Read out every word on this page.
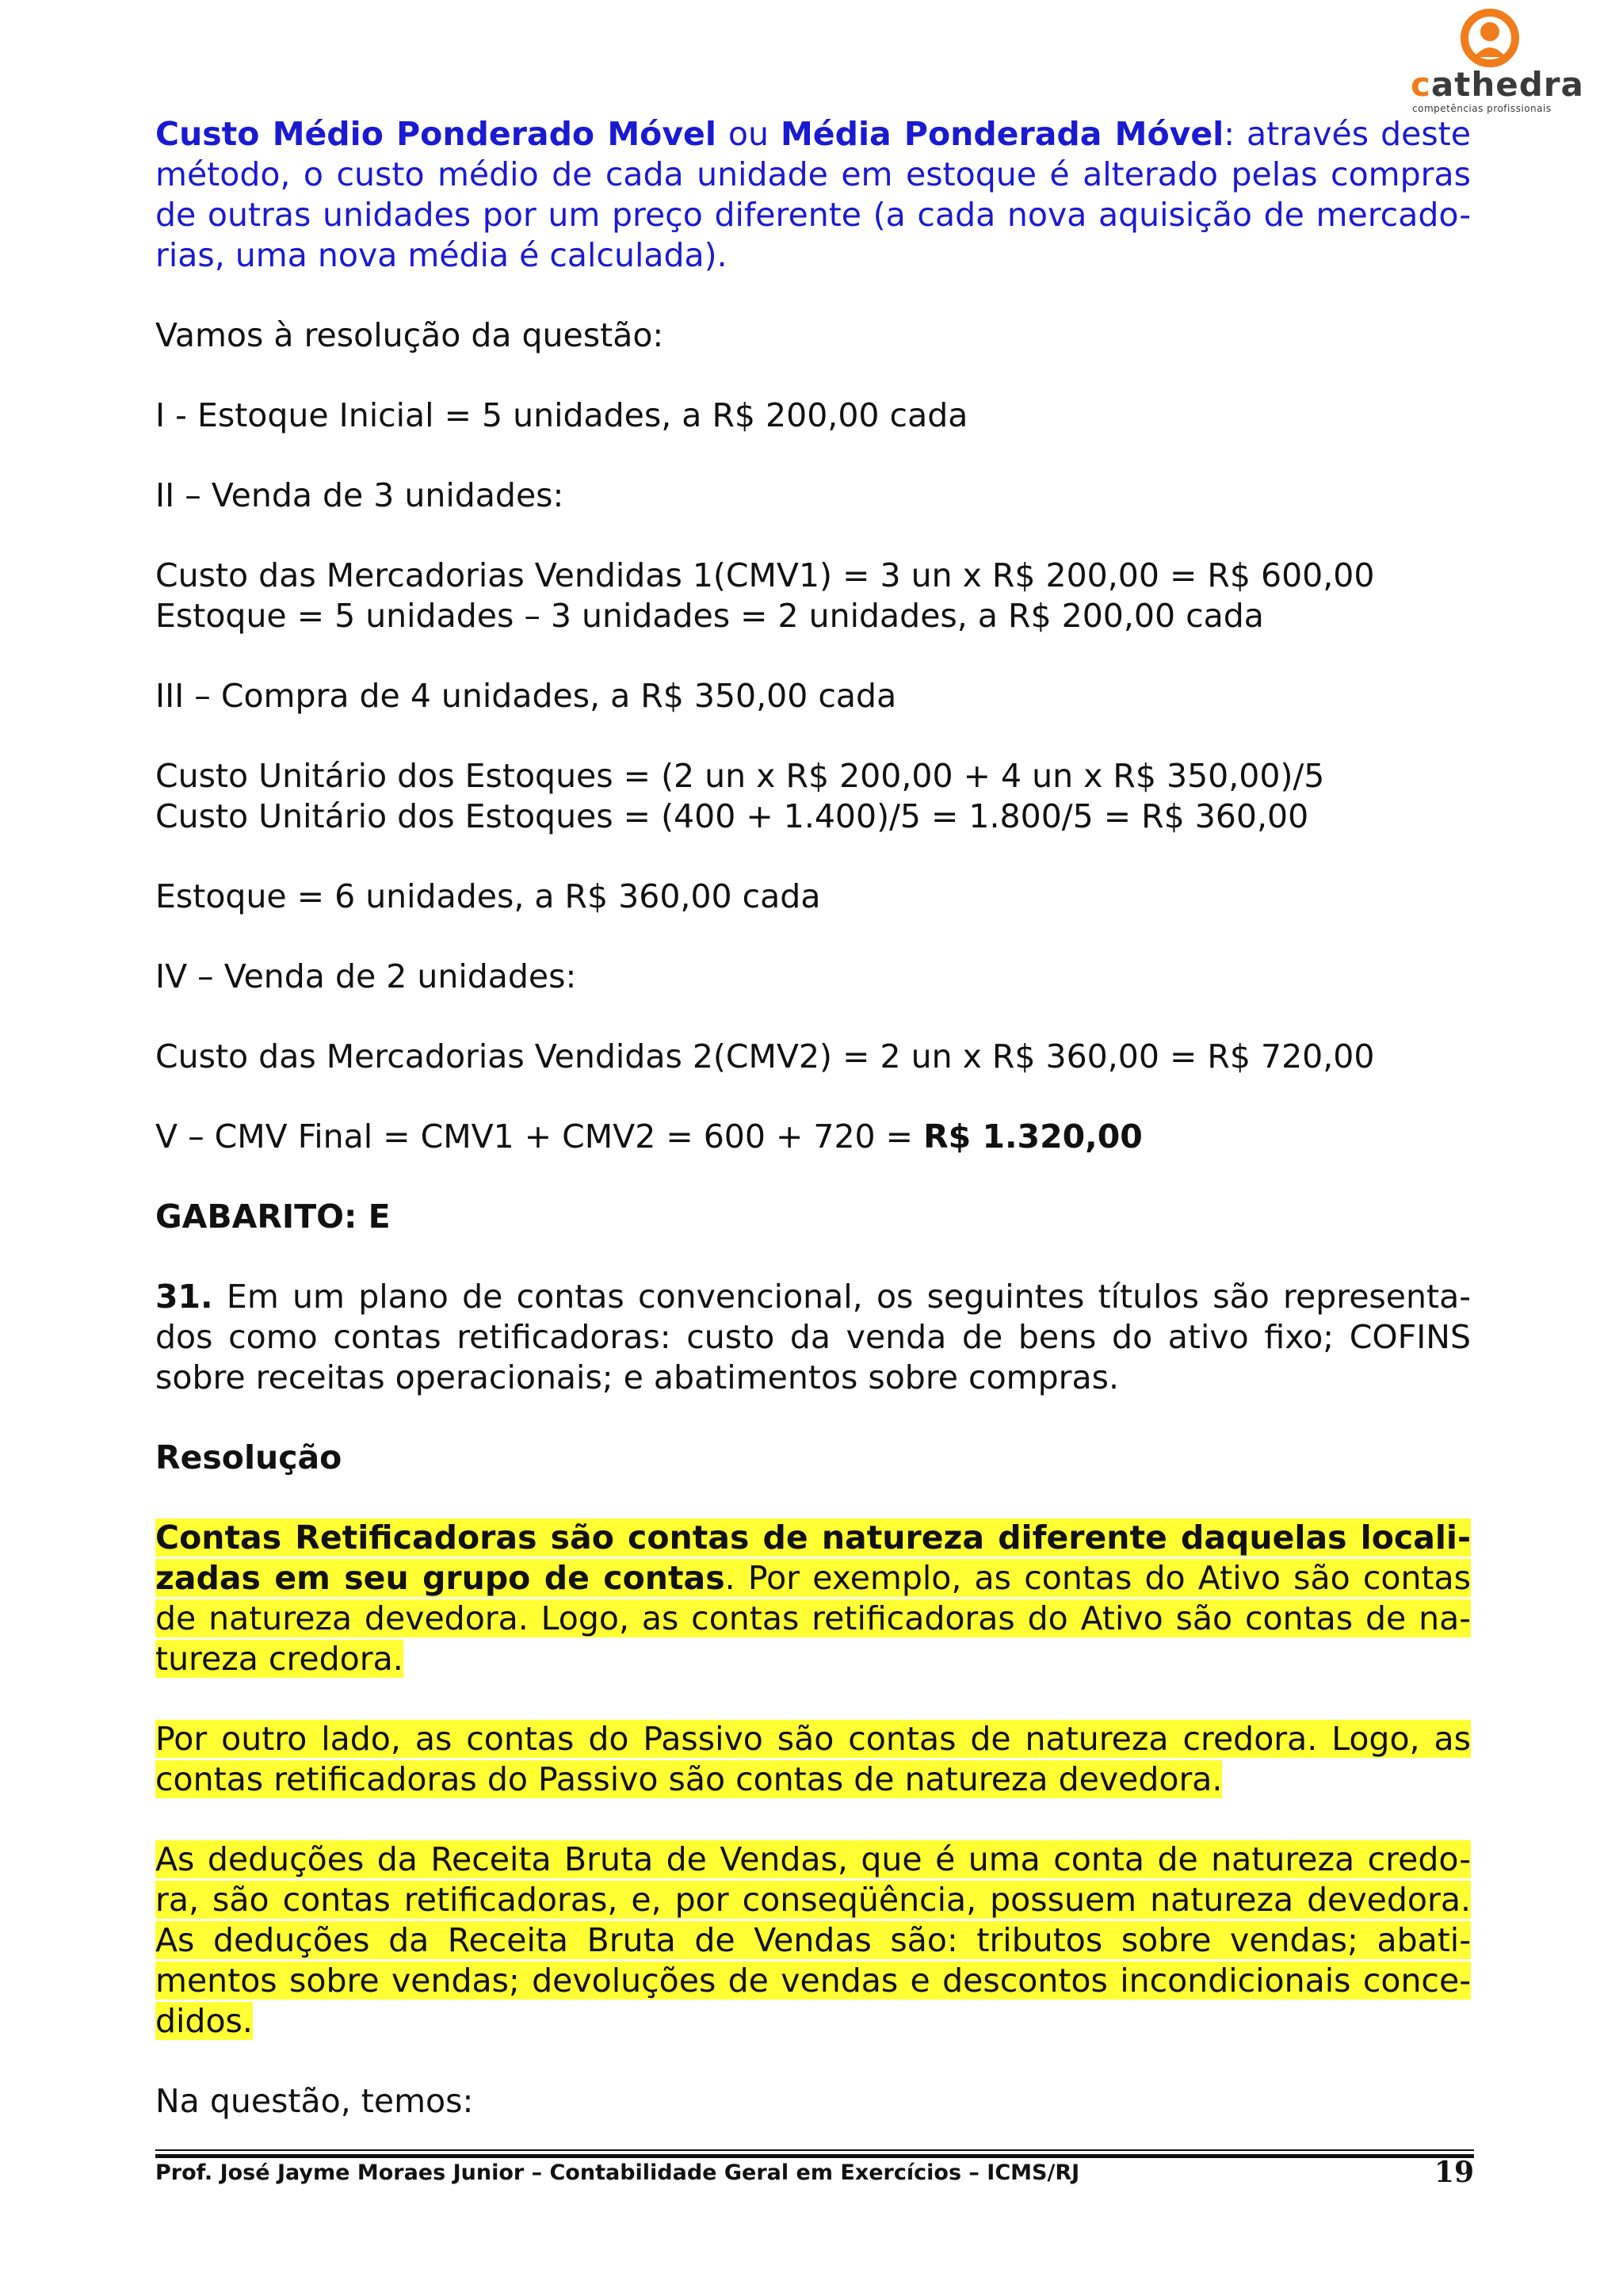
cathedra
competências profissionais

Custo Médio Ponderado Móvel ou Média Ponderada Móvel: através deste método, o custo médio de cada unidade em estoque é alterado pelas compras de outras unidades por um preço diferente (a cada nova aquisição de mercado-rias, uma nova média é calculada).

Vamos à resolução da questão:

I - Estoque Inicial = 5 unidades, a R$ 200,00 cada

II – Venda de 3 unidades:

Custo das Mercadorias Vendidas 1(CMV1) = 3 un x R$ 200,00 = R$ 600,00

Estoque = 5 unidades – 3 unidades = 2 unidades, a R$ 200,00 cada

III – Compra de 4 unidades, a R$ 350,00 cada

Custo Unitário dos Estoques = (2 un x R$ 200,00 + 4 un x R$ 350,00)/5

Custo Unitário dos Estoques = (400 + 1.400)/5 = 1.800/5 = R$ 360,00

Estoque = 6 unidades, a R$ 360,00 cada

IV – Venda de 2 unidades:

Custo das Mercadorias Vendidas 2(CMV2) = 2 un x R$ 360,00 = R$ 720,00

V – CMV Final = CMV1 + CMV2 = 600 + 720 = R$ 1.320,00

GABARITO: E

31. Em um plano de contas convencional, os seguintes títulos são representa-dos como contas retificadoras: custo da venda de bens do ativo fixo; COFINS sobre receitas operacionais; e abatimentos sobre compras.

Resolução

Contas Retificadoras são contas de natureza diferente daquelas locali-zadas em seu grupo de contas. Por exemplo, as contas do Ativo são contas de natureza devedora. Logo, as contas retificadoras do Ativo são contas de na-tureza credora.

Por outro lado, as contas do Passivo são contas de natureza credora. Logo, as contas retificadoras do Passivo são contas de natureza devedora.

As deduções da Receita Bruta de Vendas, que é uma conta de natureza credo-ra, são contas retificadoras, e, por conseqüência, possuem natureza devedora. As deduções da Receita Bruta de Vendas são: tributos sobre vendas; abati-mentos sobre vendas; devoluções de vendas e descontos incondicionais conce-didos.

Na questão, temos:

Prof. José Jayme Moraes Junior – Contabilidade Geral em Exercícios – ICMS/RJ	19
